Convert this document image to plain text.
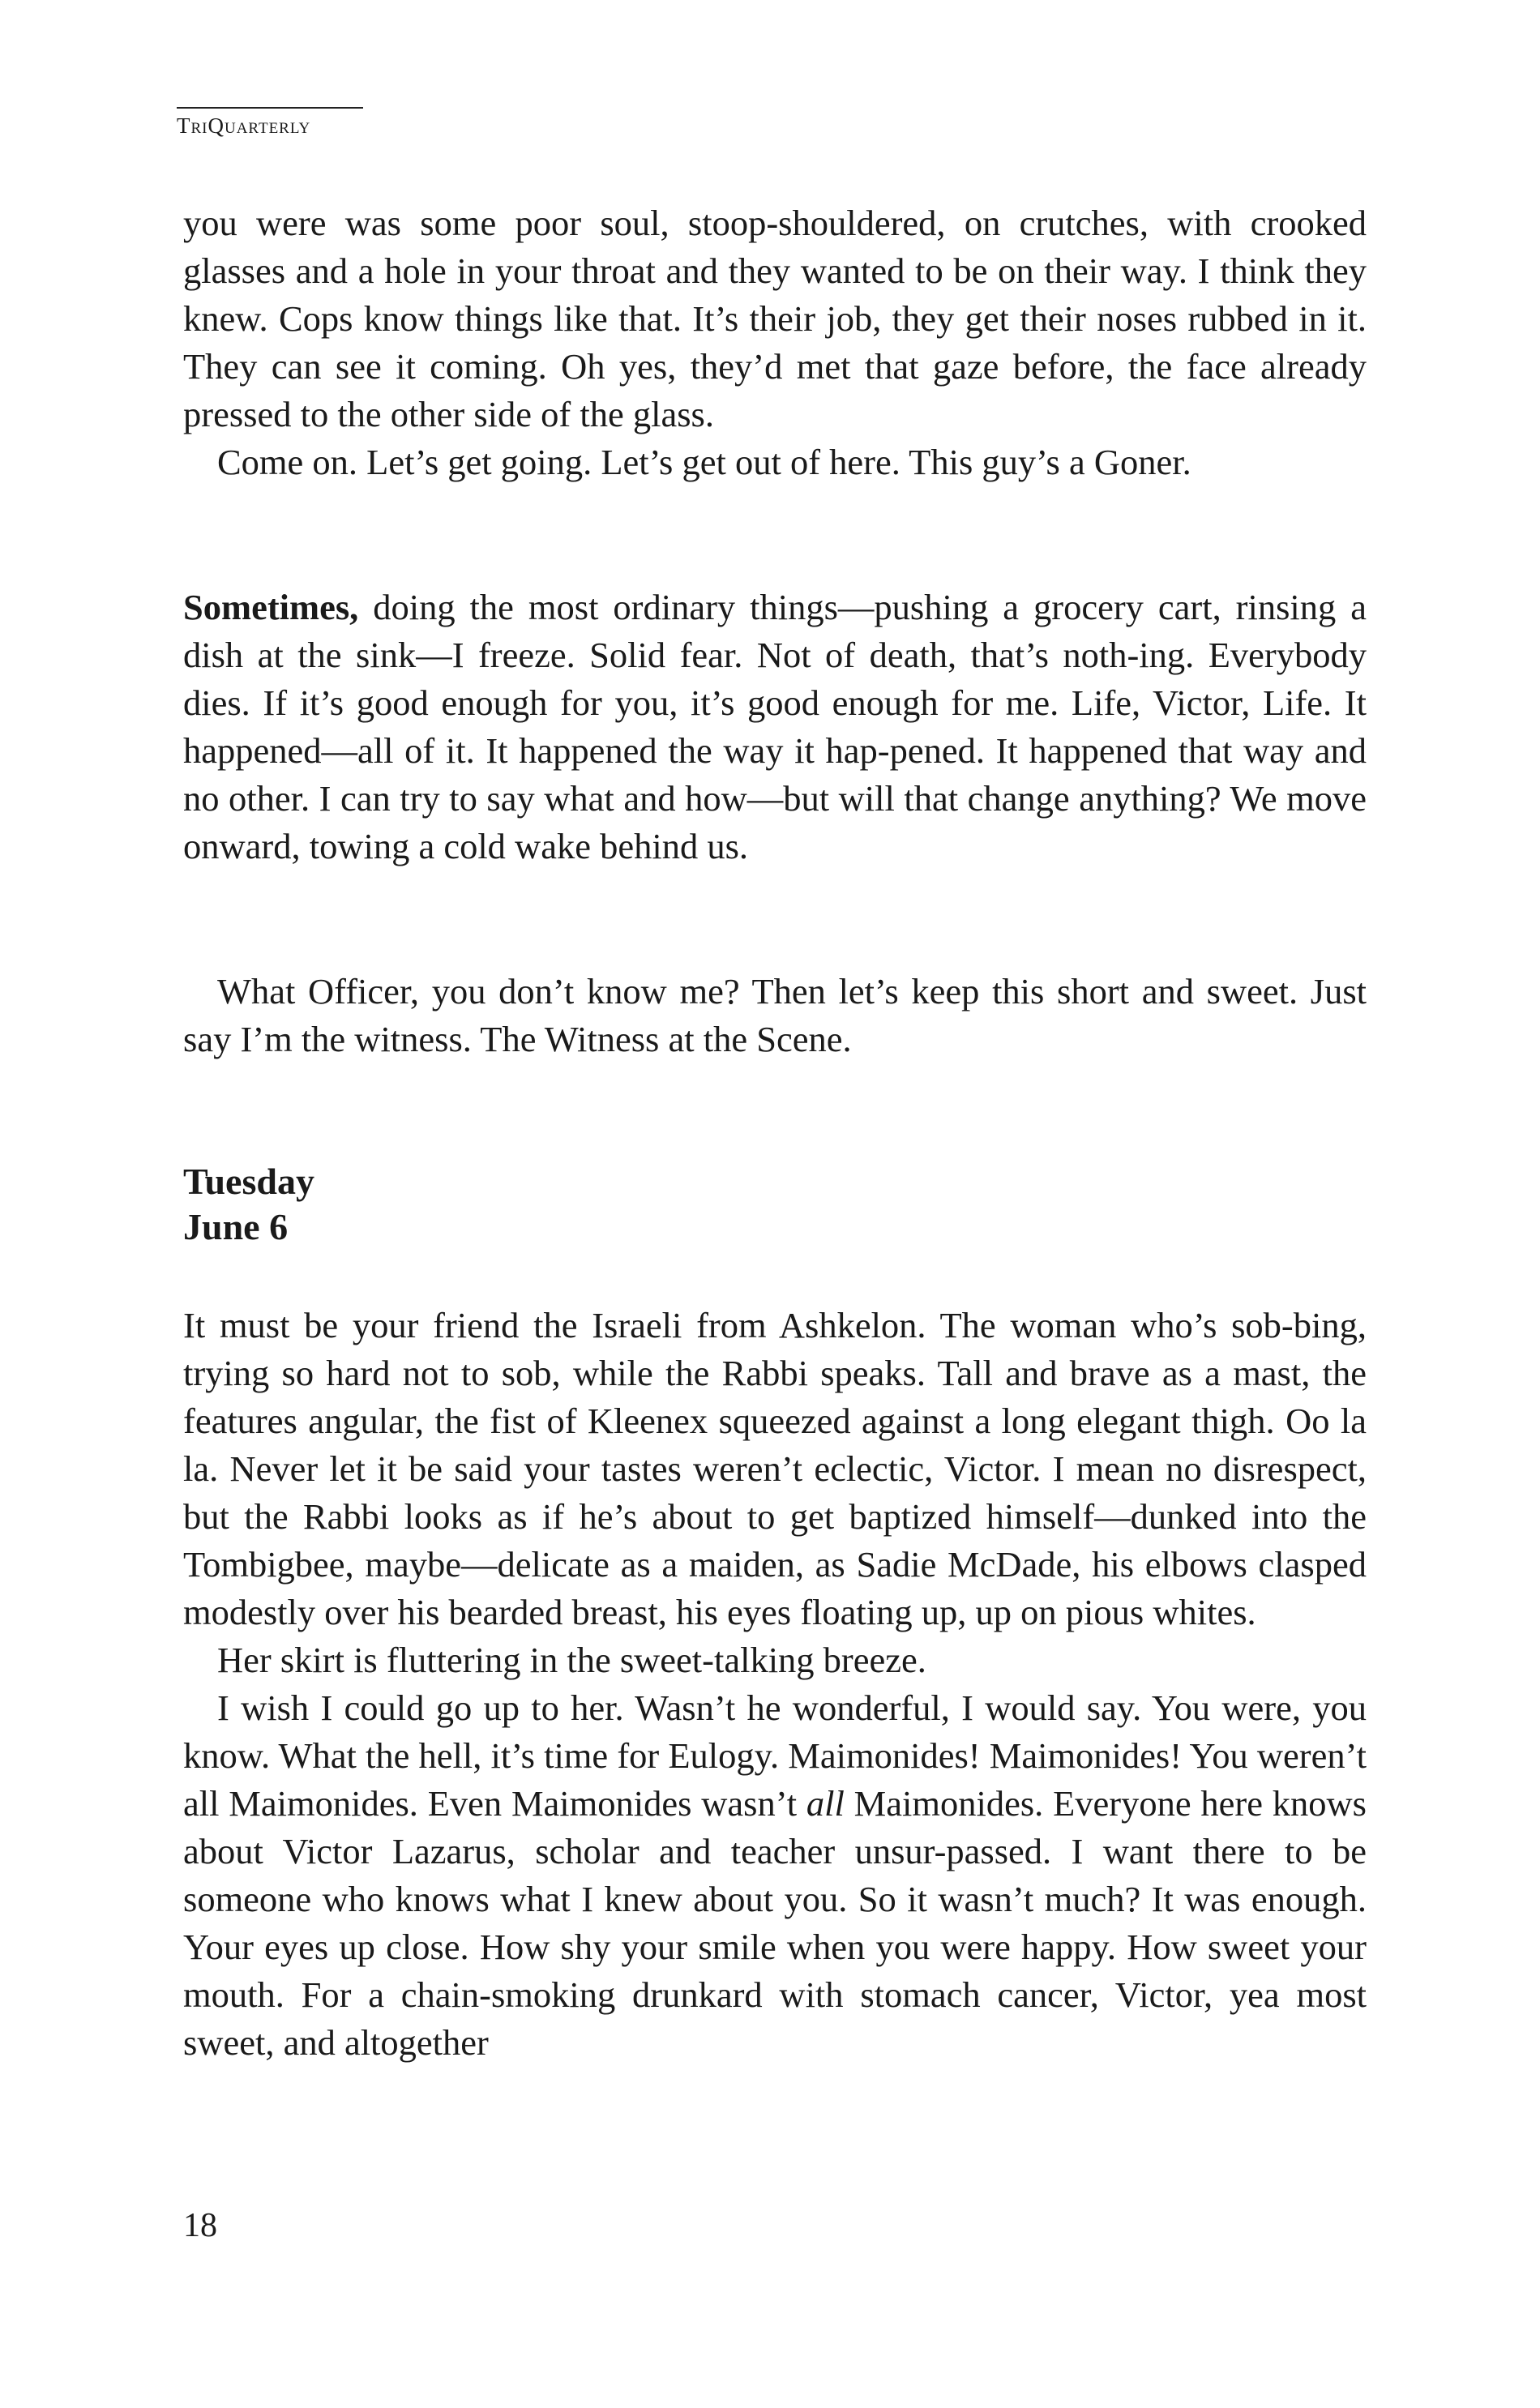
TriQuarterly

you were was some poor soul, stoop-shouldered, on crutches, with crooked glasses and a hole in your throat and they wanted to be on their way. I think they knew. Cops know things like that. It’s their job, they get their noses rubbed in it. They can see it coming. Oh yes, they’d met that gaze before, the face already pressed to the other side of the glass.

Come on. Let’s get going. Let’s get out of here. This guy’s a Goner.

Sometimes, doing the most ordinary things—pushing a grocery cart, rinsing a dish at the sink—I freeze. Solid fear. Not of death, that’s noth-ing. Everybody dies. If it’s good enough for you, it’s good enough for me. Life, Victor, Life. It happened—all of it. It happened the way it hap-pened. It happened that way and no other. I can try to say what and how—but will that change anything? We move onward, towing a cold wake behind us.

What Officer, you don’t know me? Then let’s keep this short and sweet. Just say I’m the witness. The Witness at the Scene.

Tuesday
June 6

It must be your friend the Israeli from Ashkelon. The woman who’s sob-bing, trying so hard not to sob, while the Rabbi speaks. Tall and brave as a mast, the features angular, the fist of Kleenex squeezed against a long elegant thigh. Oo la la. Never let it be said your tastes weren’t eclectic, Victor. I mean no disrespect, but the Rabbi looks as if he’s about to get baptized himself—dunked into the Tombigbee, maybe—delicate as a maiden, as Sadie McDade, his elbows clasped modestly over his bearded breast, his eyes floating up, up on pious whites.

Her skirt is fluttering in the sweet-talking breeze.

I wish I could go up to her. Wasn’t he wonderful, I would say. You were, you know. What the hell, it’s time for Eulogy. Maimonides! Maimonides! You weren’t all Maimonides. Even Maimonides wasn’t all Maimonides. Everyone here knows about Victor Lazarus, scholar and teacher unsur-passed. I want there to be someone who knows what I knew about you. So it wasn’t much? It was enough. Your eyes up close. How shy your smile when you were happy. How sweet your mouth. For a chain-smoking drunkard with stomach cancer, Victor, yea most sweet, and altogether

18
